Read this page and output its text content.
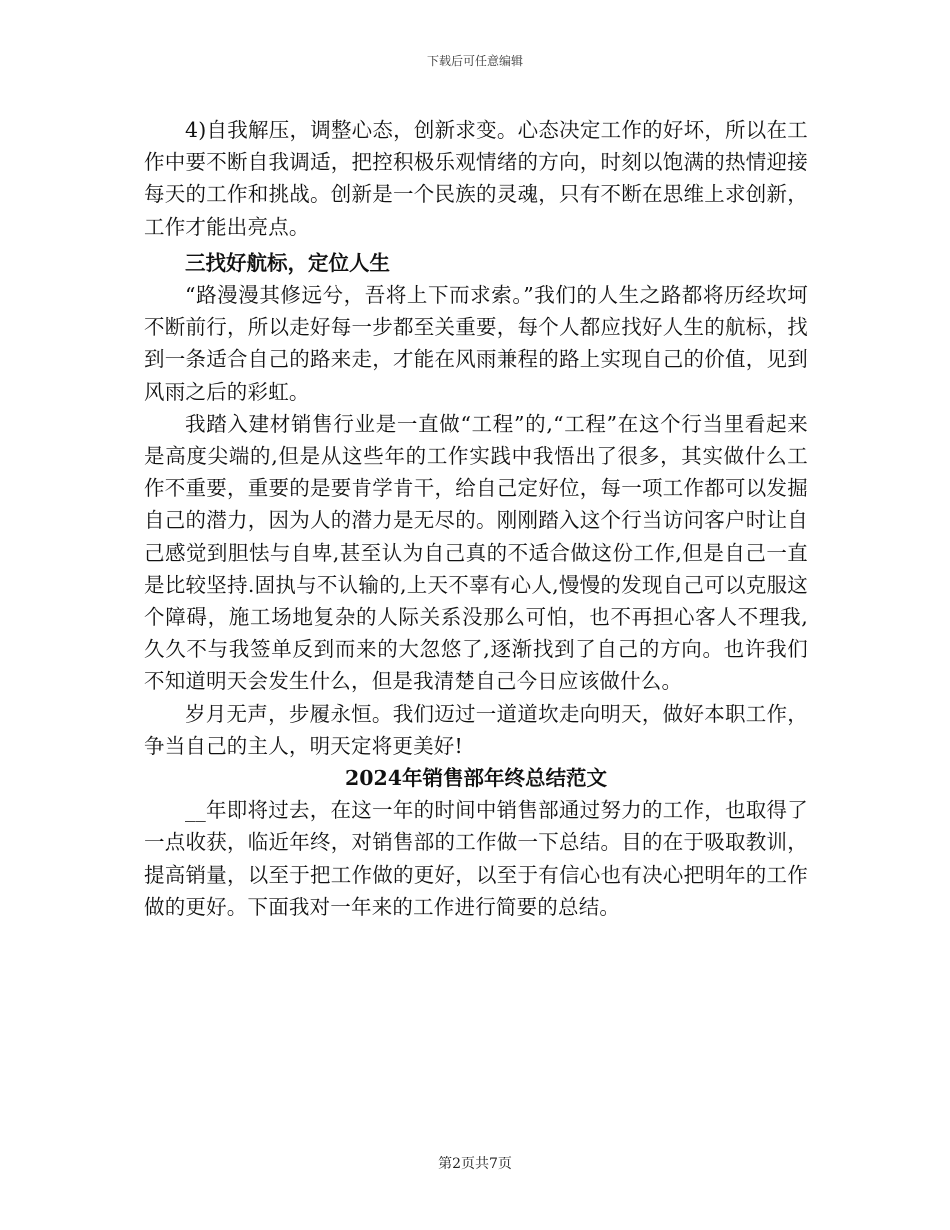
下载后可任意编辑

4)自我解压，调整心态，创新求变。心态决定工作的好坏，所以在工作中要不断自我调适，把控积极乐观情绪的方向，时刻以饱满的热情迎接每天的工作和挑战。创新是一个民族的灵魂，只有不断在思维上求创新，工作才能出亮点。

三找好航标，定位人生

“路漫漫其修远兮，吾将上下而求索。”我们的人生之路都将历经坎坷不断前行，所以走好每一步都至关重要，每个人都应找好人生的航标，找到一条适合自己的路来走，才能在风雨兼程的路上实现自己的价值，见到风雨之后的彩虹。

我踏入建材销售行业是一直做“工程”的,“工程”在这个行当里看起来是高度尖端的,但是从这些年的工作实践中我悟出了很多，其实做什么工作不重要，重要的是要肯学肯干，给自己定好位，每一项工作都可以发掘自己的潜力，因为人的潜力是无尽的。刚刚踏入这个行当访问客户时让自己感觉到胆怯与自卑,甚至认为自己真的不适合做这份工作,但是自己一直是比较坚持.固执与不认输的,上天不辜有心人,慢慢的发现自己可以克服这个障碍，施工场地复杂的人际关系没那么可怕，也不再担心客人不理我,久久不与我签单反到而来的大忽悠了,逐渐找到了自己的方向。也许我们不知道明天会发生什么，但是我清楚自己今日应该做什么。

岁月无声，步履永恒。我们迈过一道道坎走向明天，做好本职工作，争当自己的主人，明天定将更美好!

2024年销售部年终总结范文

__年即将过去，在这一年的时间中销售部通过努力的工作，也取得了一点收获，临近年终，对销售部的工作做一下总结。目的在于吸取教训，提高销量，以至于把工作做的更好，以至于有信心也有决心把明年的工作做的更好。下面我对一年来的工作进行简要的总结。

第2页共7页
